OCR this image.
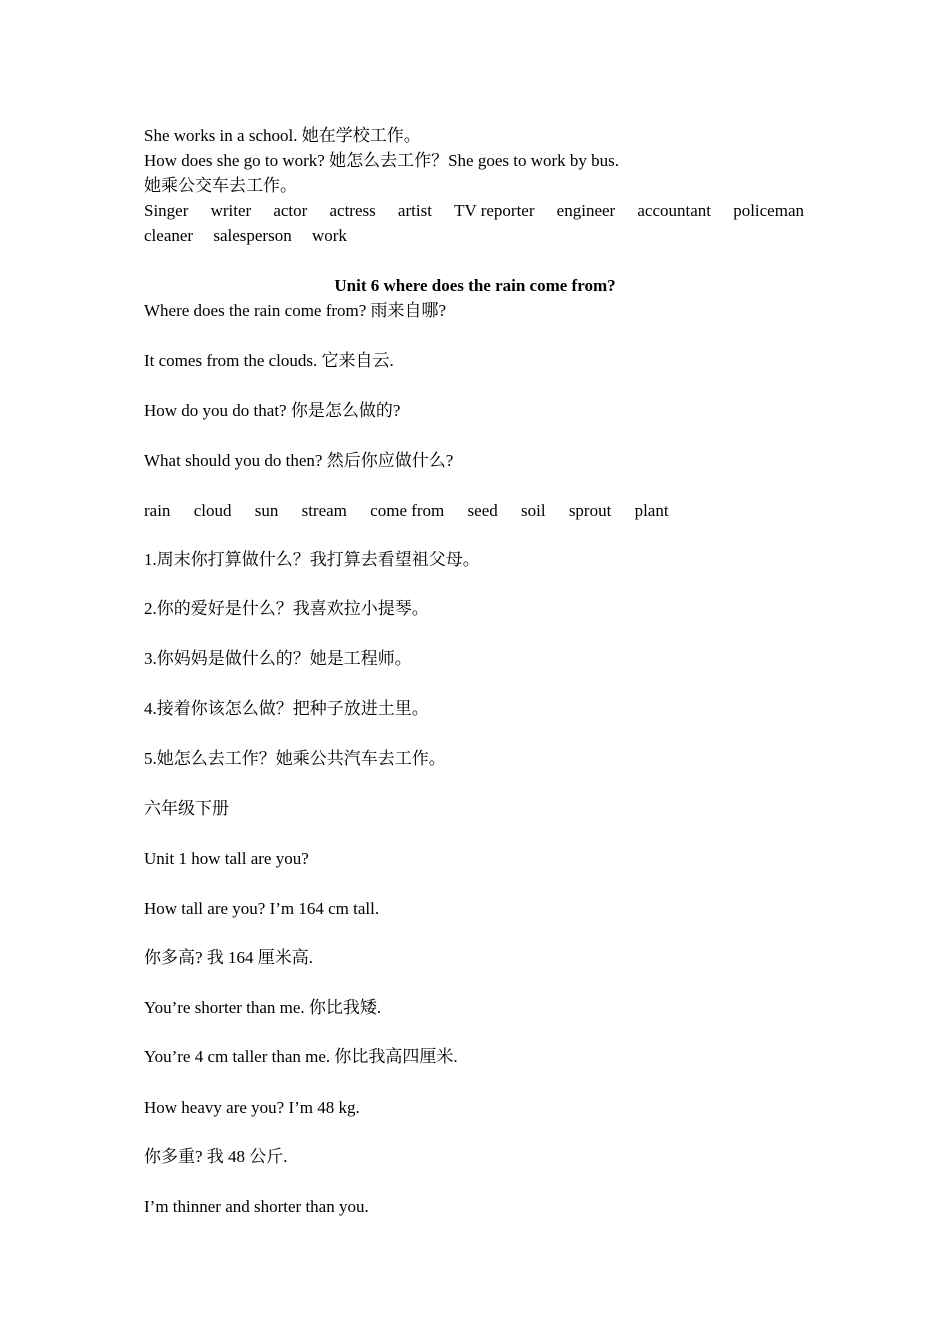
She works in a school. 她在学校工作。
How does she go to work? 她怎么去工作？She goes to work by bus.
她乘公交车去工作。
Singer writer actor actress artist TV reporter engineer accountant policeman
cleaner salesperson work
Unit 6 where does the rain come from?
Where does the rain come from? 雨来自哪?
It comes from the clouds. 它来自云.
How do you do that? 你是怎么做的?
What should you do then? 然后你应做什么?
rain cloud sun stream come from seed soil sprout plant
1.周末你打算做什么？我打算去看望祖父母。
2.你的爱好是什么？我喜欢拉小提琴。
3.你妈妈是做什么的？她是工程师。
4.接着你该怎么做？把种子放进土里。
5.她怎么去工作？她乘公共汽车去工作。
六年级下册
Unit 1 how tall are you?
How tall are you? I’m 164 cm tall.
你多高? 我 164 厘米高.
You’re shorter than me. 你比我矮.
You’re 4 cm taller than me. 你比我高四厘米.
How heavy are you? I’m 48 kg.
你多重? 我 48 公斤.
I’m thinner and shorter than you.
